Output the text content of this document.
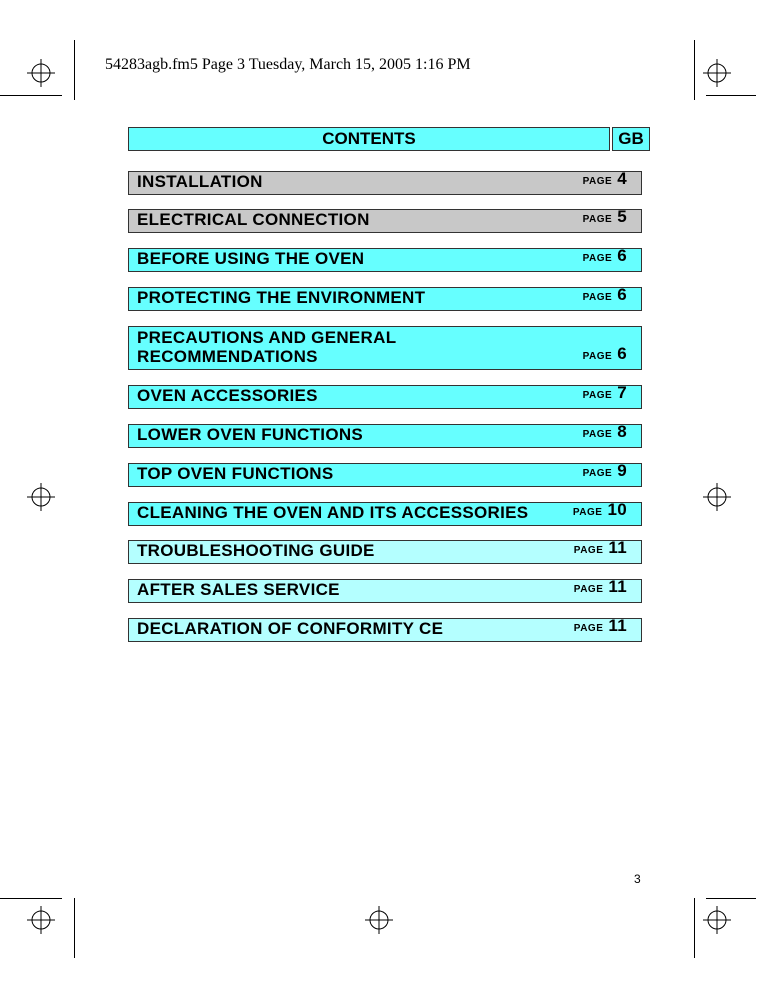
54283agb.fm5 Page 3 Tuesday, March 15, 2005 1:16 PM
CONTENTS	GB
INSTALLATION	PAGE 4
ELECTRICAL CONNECTION	PAGE 5
BEFORE USING THE OVEN	PAGE 6
PROTECTING THE ENVIRONMENT	PAGE 6
PRECAUTIONS AND GENERAL
RECOMMENDATIONS	PAGE 6
OVEN ACCESSORIES	PAGE 7
LOWER OVEN FUNCTIONS	PAGE 8
TOP OVEN FUNCTIONS	PAGE 9
CLEANING THE OVEN AND ITS ACCESSORIES	PAGE 10
TROUBLESHOOTING GUIDE	PAGE 11
AFTER SALES SERVICE	PAGE 11
DECLARATION OF CONFORMITY CE	PAGE 11
3
